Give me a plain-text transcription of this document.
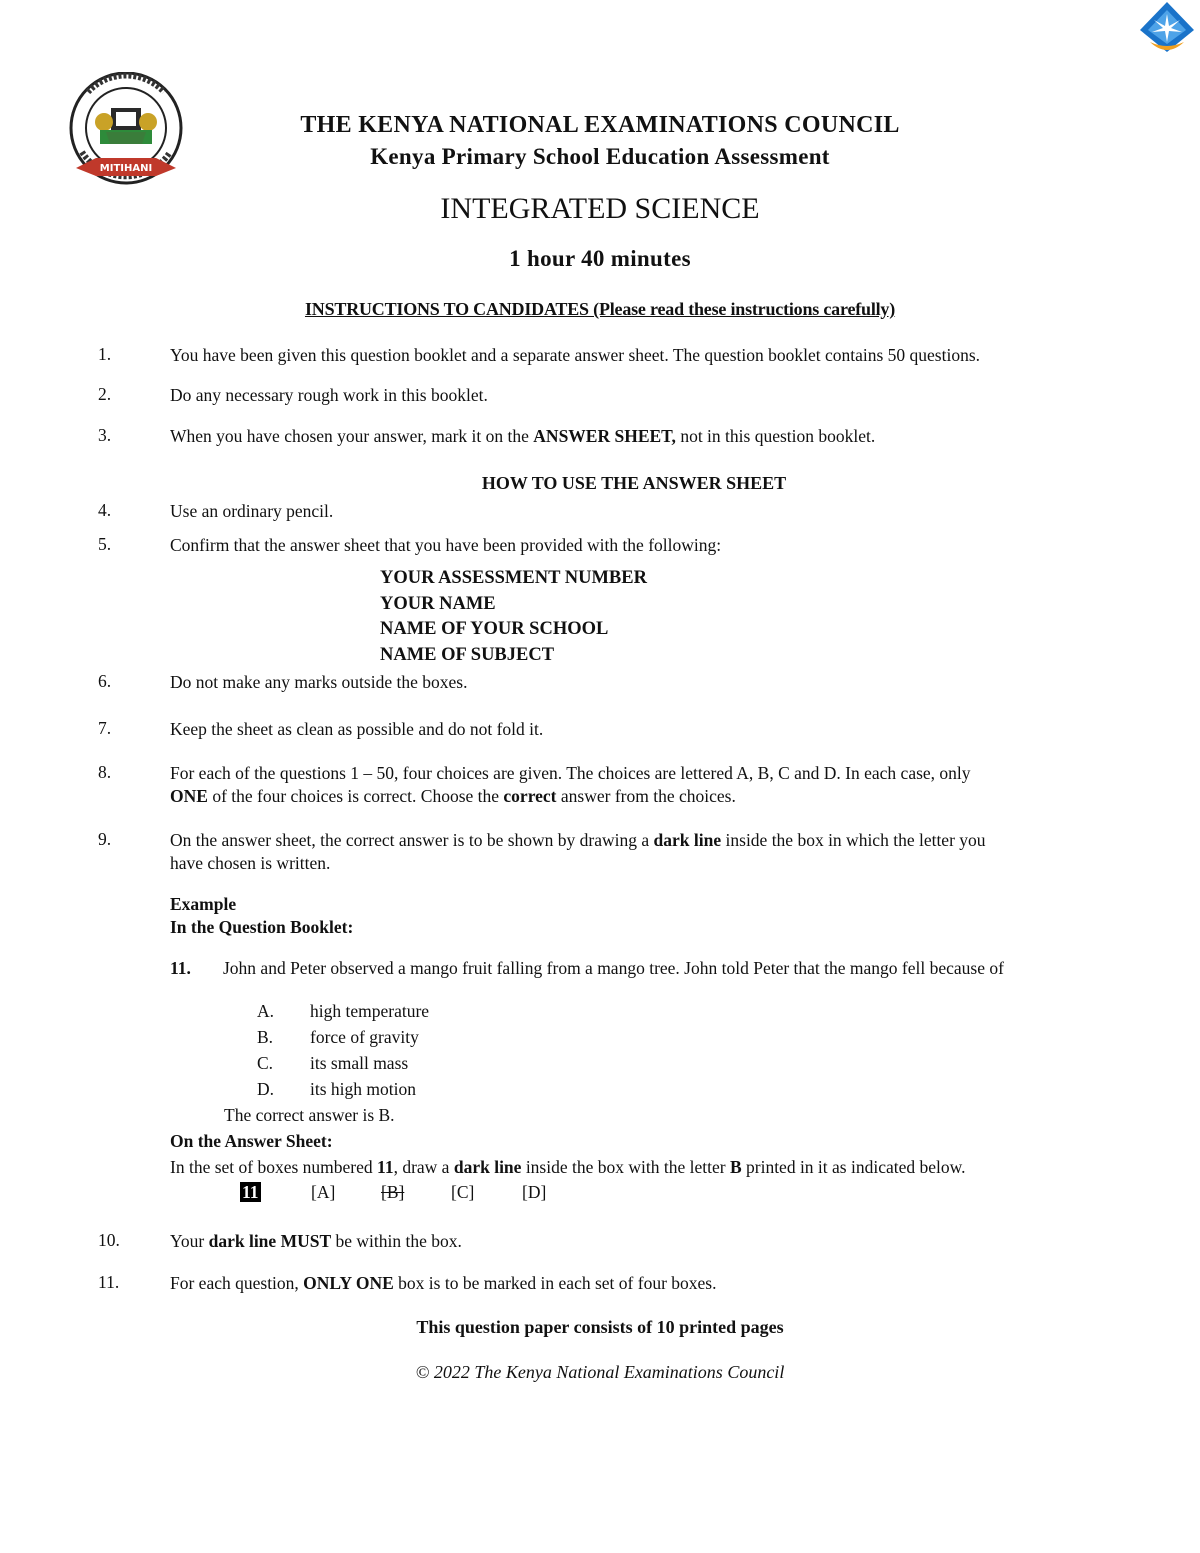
MITIHANI
THE KENYA NATIONAL EXAMINATIONS COUNCIL
Kenya Primary School Education Assessment
INTEGRATED SCIENCE
1 hour 40 minutes
INSTRUCTIONS TO CANDIDATES (Please read these instructions carefully)
1.	You have been given this question booklet and a separate answer sheet. The question booklet contains 50 questions.
2.	Do any necessary rough work in this booklet.
3.	When you have chosen your answer, mark it on the ANSWER SHEET, not in this question booklet.
HOW TO USE THE ANSWER SHEET
4.	Use an ordinary pencil.
5.	Confirm that the answer sheet that you have been provided with the following:
YOUR ASSESSMENT NUMBER
YOUR NAME
NAME OF YOUR SCHOOL
NAME OF SUBJECT
6.	Do not make any marks outside the boxes.
7.	Keep the sheet as clean as possible and do not fold it.
8.	For each of the questions 1 – 50, four choices are given. The choices are lettered A, B, C and D. In each case, only
ONE of the four choices is correct. Choose the correct answer from the choices.
9.	On the answer sheet, the correct answer is to be shown by drawing a dark line inside the box in which the letter you
have chosen is written.
Example
In the Question Booklet:
11. John and Peter observed a mango fruit falling from a mango tree. John told Peter that the mango fell because of
A. high temperature
B. force of gravity
C. its small mass
D. its high motion
The correct answer is B.
On the Answer Sheet:
In the set of boxes numbered 11, draw a dark line inside the box with the letter B printed in it as indicated below.
11	[A]	[B]	[C]	[D]
10.	Your dark line MUST be within the box.
11.	For each question, ONLY ONE box is to be marked in each set of four boxes.
This question paper consists of 10 printed pages
© 2022 The Kenya National Examinations Council
